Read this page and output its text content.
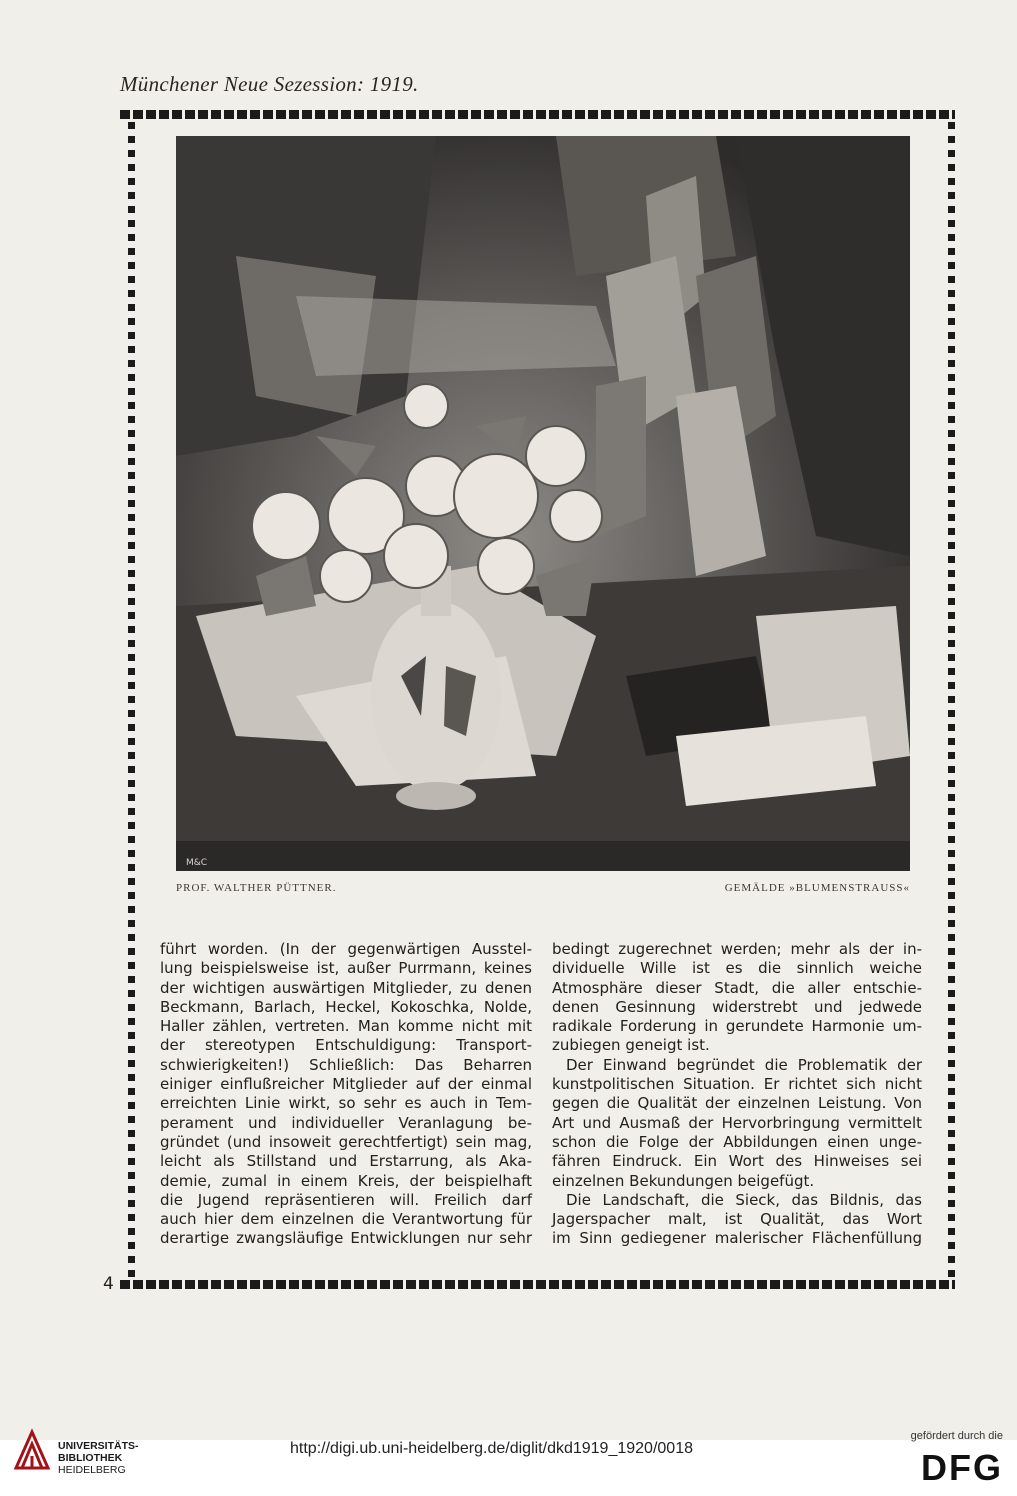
Münchener Neue Sezession: 1919.
M&C
PROF. WALTHER PÜTTNER.	GEMÄLDE »BLUMENSTRAUSS«

führt worden. (In der gegenwärtigen Ausstel-

lung beispielsweise ist, außer Purrmann, keines

der wichtigen auswärtigen Mitglieder, zu denen

Beckmann, Barlach, Heckel, Kokoschka, Nolde,

Haller zählen, vertreten. Man komme nicht mit

der stereotypen Entschuldigung: Transport-

schwierigkeiten!) Schließlich: Das Beharren

einiger einflußreicher Mitglieder auf der einmal

erreichten Linie wirkt, so sehr es auch in Tem-

perament und individueller Veranlagung be-

gründet (und insoweit gerechtfertigt) sein mag,

leicht als Stillstand und Erstarrung, als Aka-

demie, zumal in einem Kreis, der beispielhaft

die Jugend repräsentieren will. Freilich darf

auch hier dem einzelnen die Verantwortung für

derartige zwangsläufige Entwicklungen nur sehr

bedingt zugerechnet werden; mehr als der in-

dividuelle Wille ist es die sinnlich weiche

Atmosphäre dieser Stadt, die aller entschie-

denen Gesinnung widerstrebt und jedwede

radikale Forderung in gerundete Harmonie um-

zubiegen geneigt ist.

Der Einwand begründet die Problematik der

kunstpolitischen Situation. Er richtet sich nicht

gegen die Qualität der einzelnen Leistung. Von

Art und Ausmaß der Hervorbringung vermittelt

schon die Folge der Abbildungen einen unge-

fähren Eindruck. Ein Wort des Hinweises sei

einzelnen Bekundungen beigefügt.

Die Landschaft, die Sieck, das Bildnis, das

Jagerspacher malt, ist Qualität, das Wort

im Sinn gediegener malerischer Flächenfüllung

4
UNIVERSITÄTS-
BIBLIOTHEK
HEIDELBERG
http://digi.ub.uni-heidelberg.de/diglit/dkd1919_1920/0018
gefördert durch die
DFG
